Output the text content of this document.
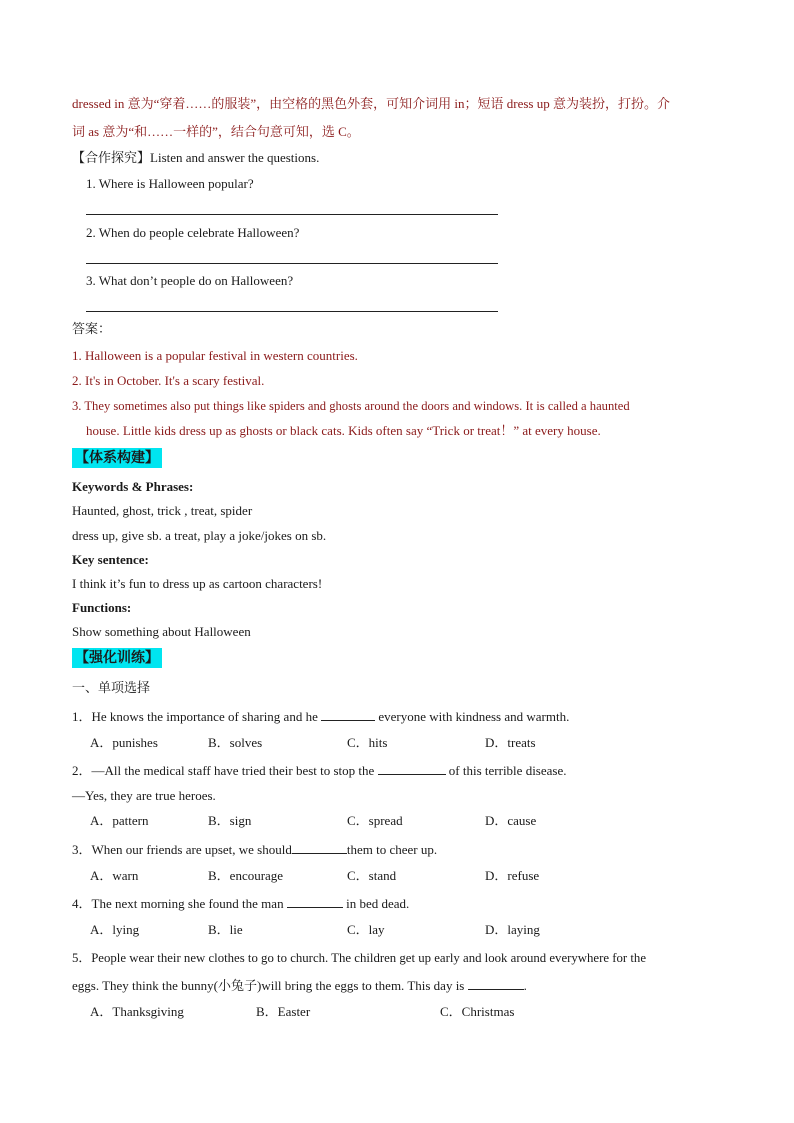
dressed in 意为“穿着……的服装”，由空格的黑色外套，可知介词用 in；短语 dress up 意为装扮，打扮。介
词 as 意为“和……一样的”，结合句意可知，选 C。
【合作探究】Listen and answer the questions.
1. Where is Halloween popular?
2. When do people celebrate Halloween?
3. What don’t people do on Halloween?
答案：
1. Halloween is a popular festival in western countries.
2. It's in October. It's a scary festival.
3. They sometimes also put things like spiders and ghosts around the doors and windows. It is called a haunted
house. Little kids dress up as ghosts or black cats. Kids often say “Trick or treat！” at every house.
【体系构建】
Keywords & Phrases:
Haunted, ghost, trick , treat, spider
dress up, give sb. a treat, play a joke/jokes on sb.
Key sentence:
I think it’s fun to dress up as cartoon characters!
Functions:
Show something about Halloween
【强化训练】
一、单项选择
1．He knows the importance of sharing and he	everyone with kindness and warmth.
A．punishes	B．solves	C．hits	D．treats
2．—All the medical staff have tried their best to stop the	of this terrible disease.
—Yes, they are true heroes.
A．pattern	B．sign	C．spread	D．cause
3．When our friends are upset, we should	them to cheer up.
A．warn	B．encourage	C．stand	D．refuse
4．The next morning she found the man	in bed dead.
A．lying	B．lie	C．lay	D．laying
5．People wear their new clothes to go to church. The children get up early and look around everywhere for the
eggs. They think the bunny(小兔子)will bring the eggs to them. This day is	.
A．Thanksgiving	B．Easter	C．Christmas
